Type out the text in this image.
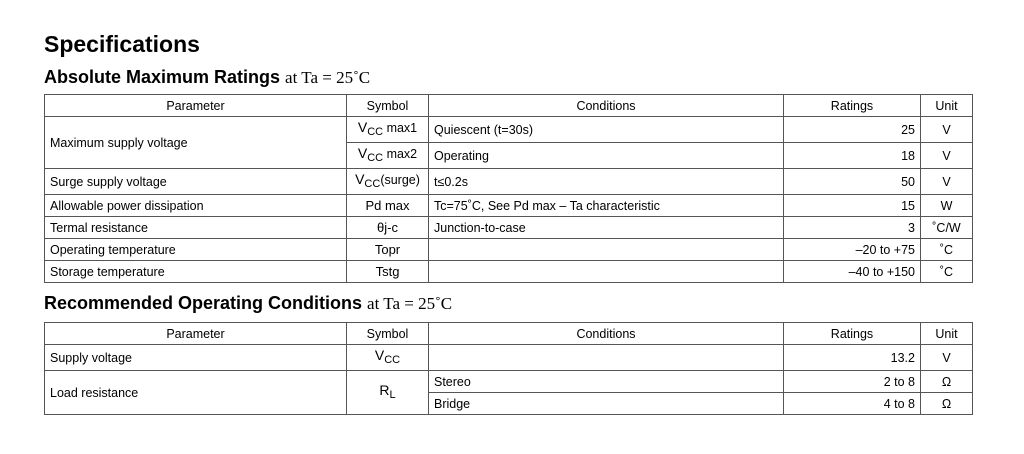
Specifications
Absolute Maximum Ratings at Ta = 25˚C
Parameter	Symbol	Conditions	Ratings	Unit
Maximum supply voltage	VCC max1	Quiescent (t=30s)	25	V
	VCC max2	Operating	18	V
Surge supply voltage	VCC(surge)	t≤0.2s	50	V
Allowable power dissipation	Pd max	Tc=75˚C, See Pd max – Ta characteristic	15	W
Termal resistance	θj-c	Junction-to-case	3	˚C/W
Operating temperature	Topr		–20 to +75	˚C
Storage temperature	Tstg		–40 to +150	˚C
Recommended Operating Conditions at Ta = 25˚C
Parameter	Symbol	Conditions	Ratings	Unit
Supply voltage	VCC		13.2	V
Load resistance	RL	Stereo	2 to 8	Ω
		Bridge	4 to 8	Ω
